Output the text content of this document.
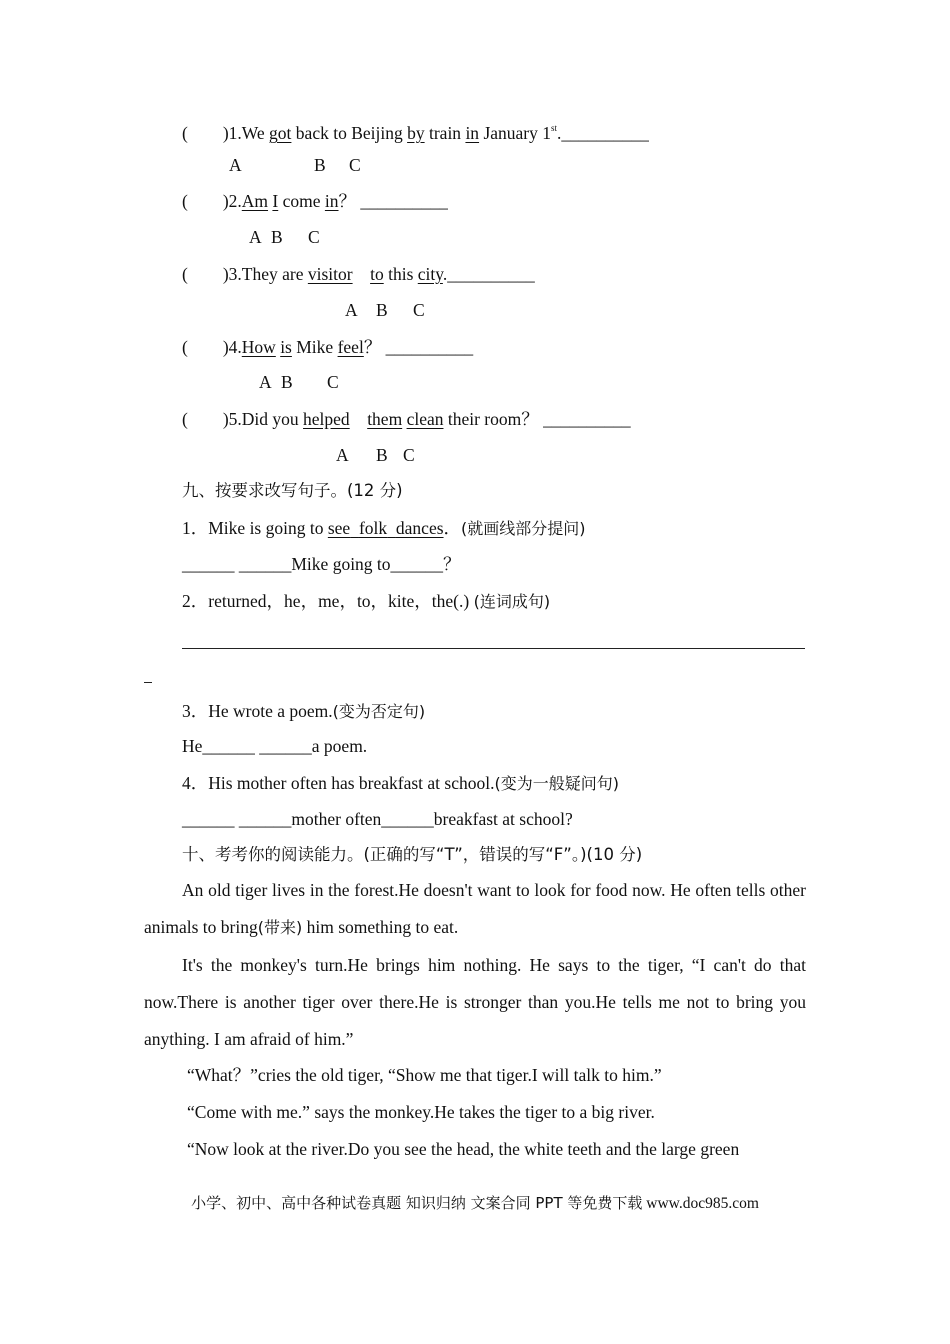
(        )1.We got back to Beijing by train in January 1st.__________
A	B C
(        )2.Am I come in？ __________
A B C
(        )3.They are visitor to this city.__________
A B C
(        )4.How is Mike feel？ __________
A B C
(        )5.Did you helped them clean their room？ __________
A B C
九、按要求改写句子。(12 分)
1．Mike is going to see folk dances．(就画线部分提问)
______ ______Mike going to______？
2．returned，he，me，to，kite，the(.) (连词成句)
3．He wrote a poem.(变为否定句)
He______ ______a poem.
4．His mother often has breakfast at school.(变为一般疑问句)
______ ______mother often______breakfast at school?
十、考考你的阅读能力。(正确的写“T”，错误的写“F”。)(10 分)
An old tiger lives in the forest.He doesn't want to look for food now. He often tells other animals to bring(带来) him something to eat.
It's the monkey's turn.He brings him nothing. He says to the tiger, “I can't do that now.There is another tiger over there.He is stronger than you.He tells me not to bring you anything. I am afraid of him.”
“What？”cries the old tiger, “Show me that tiger.I will talk to him.”
“Come with me.” says the monkey.He takes the tiger to a big river.
“Now look at the river.Do you see the head, the white teeth and the large green
小学、初中、高中各种试卷真题 知识归纳 文案合同 PPT 等免费下载 www.doc985.com
